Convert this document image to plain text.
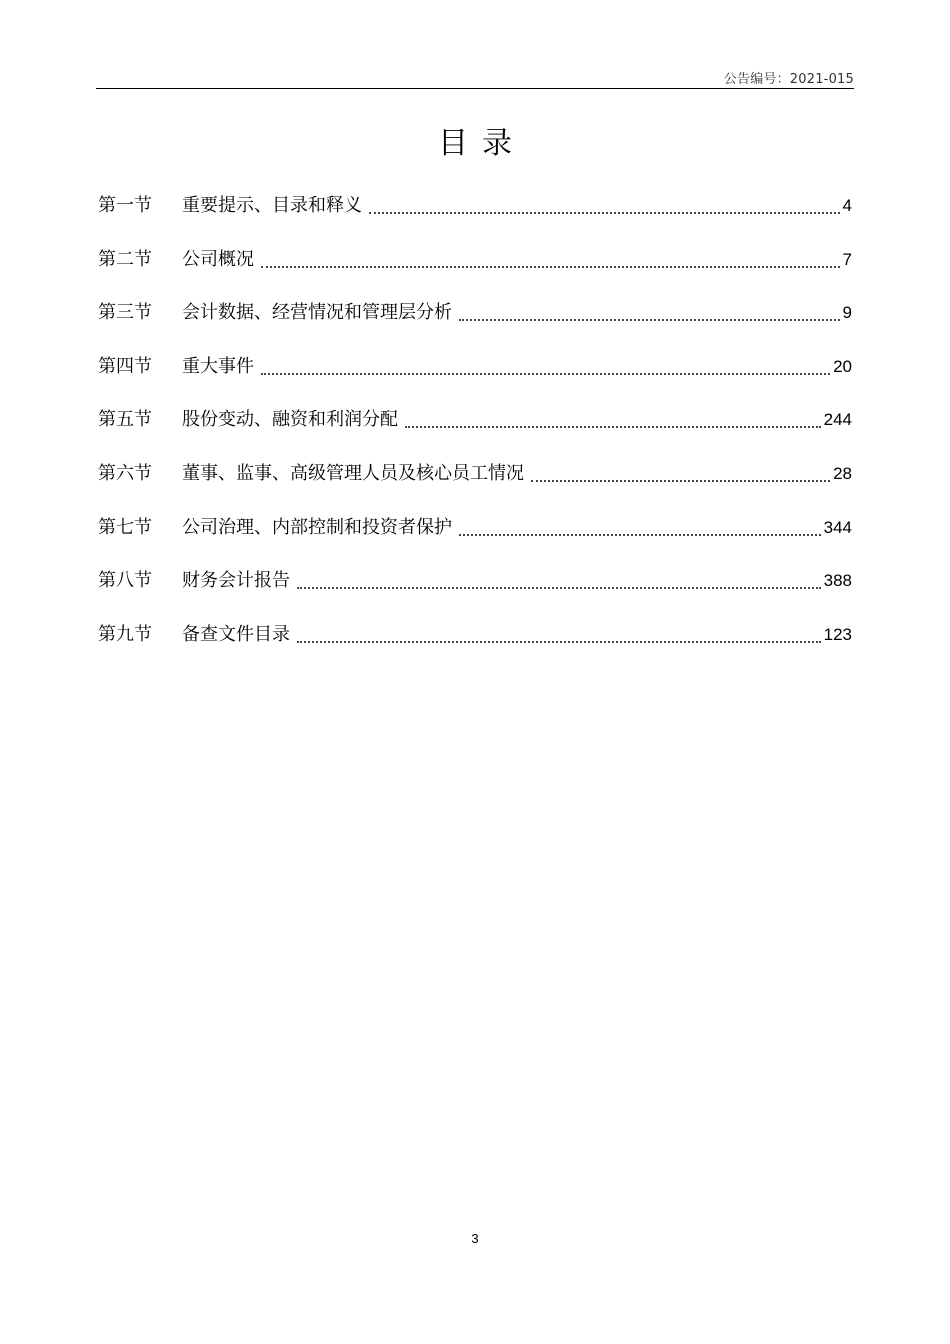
公告编号：2021-015
目录
第一节	重要提示、目录和释义	4
第二节	公司概况	7
第三节	会计数据、经营情况和管理层分析	9
第四节	重大事件	20
第五节	股份变动、融资和利润分配	244
第六节	董事、监事、高级管理人员及核心员工情况	28
第七节	公司治理、内部控制和投资者保护	344
第八节	财务会计报告	388
第九节	备查文件目录	123
3
